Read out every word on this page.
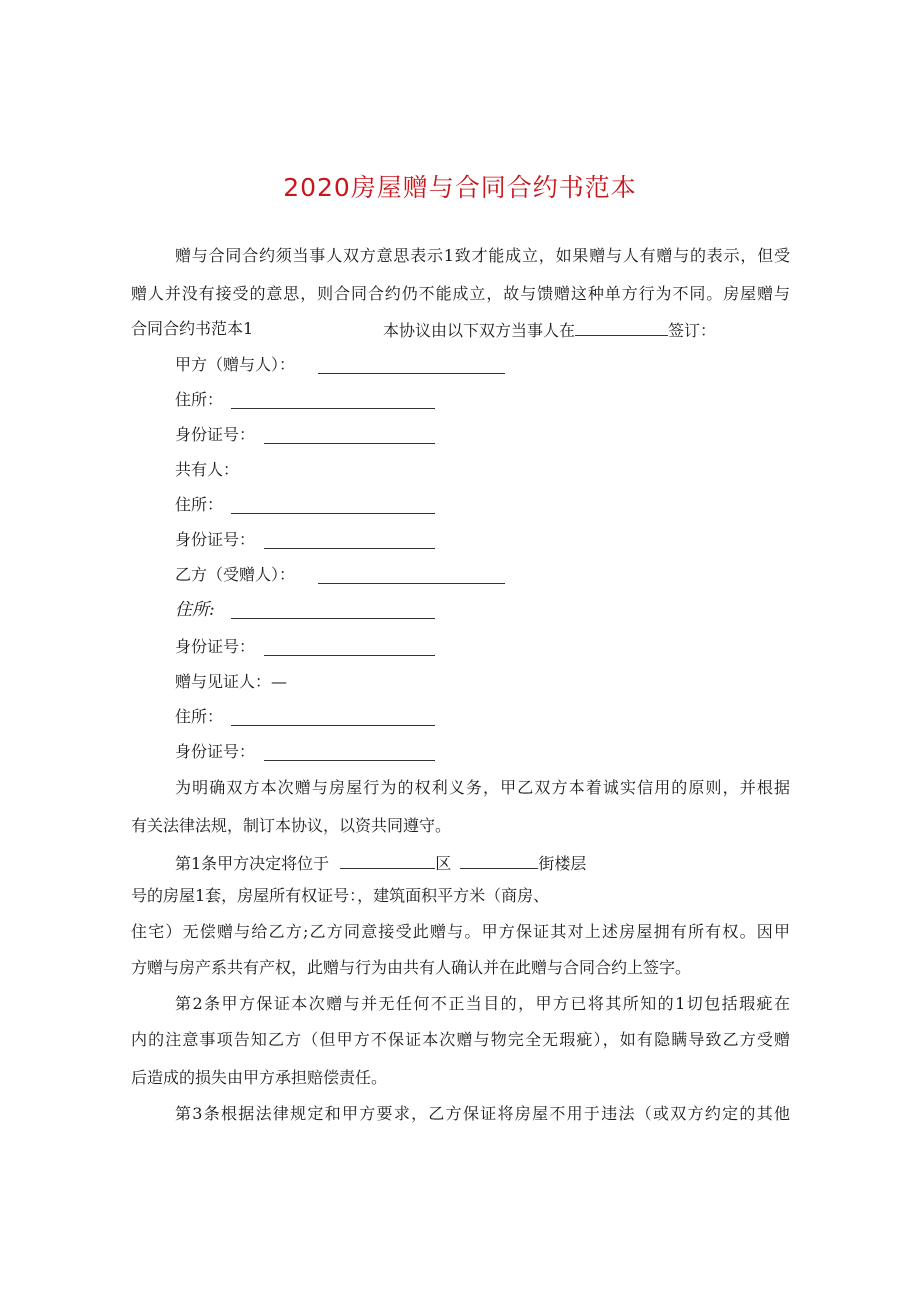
2020房屋赠与合同合约书范本
赠与合同合约须当事人双方意思表示1致才能成立，如果赠与人有赠与的表示，但受
赠人并没有接受的意思，则合同合约仍不能成立，故与馈赠这种单方行为不同。房屋赠与
合同合约书范本1	本协议由以下双方当事人在	签订：
甲方（赠与人）：
住所：
身份证号：
共有人：
住所：
身份证号：
乙方（受赠人）：
住所:
身份证号：
赠与见证人：—
住所：
身份证号：
为明确双方本次赠与房屋行为的权利义务，甲乙双方本着诚实信用的原则，并根据
有关法律法规，制订本协议，以资共同遵守。
第1条甲方决定将位于	区	街楼层
号的房屋1套，房屋所有权证号：，建筑面积平方米（商房、
住宅）无偿赠与给乙方;乙方同意接受此赠与。甲方保证其对上述房屋拥有所有权。因甲
方赠与房产系共有产权，此赠与行为由共有人确认并在此赠与合同合约上签字。
第2条甲方保证本次赠与并无任何不正当目的，甲方已将其所知的1切包括瑕疵在
内的注意事项告知乙方（但甲方不保证本次赠与物完全无瑕疵），如有隐瞒导致乙方受赠
后造成的损失由甲方承担赔偿责任。
第3条根据法律规定和甲方要求，乙方保证将房屋不用于违法（或双方约定的其他
